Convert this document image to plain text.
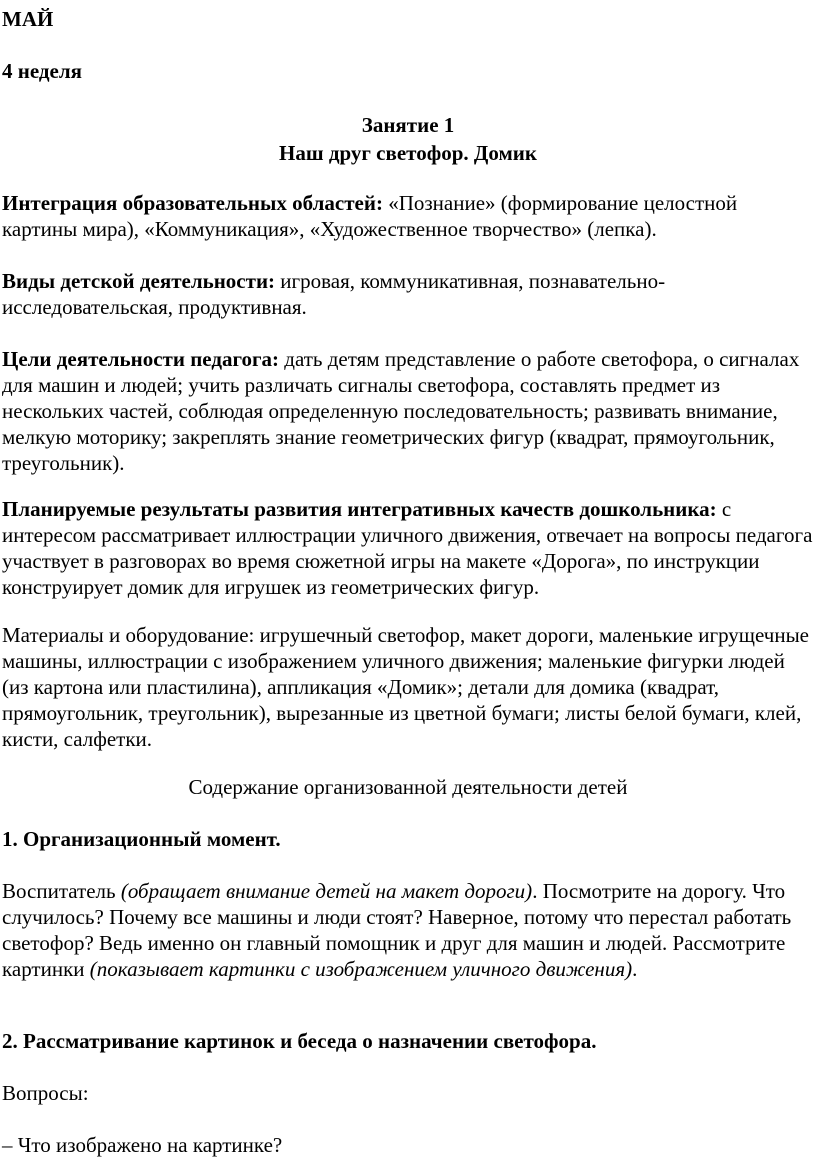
МАЙ

4 неделя

Занятие 1

Наш друг светофор. Домик

Интеграция образовательных областей: «Познание» (формирование целостной картины мира), «Коммуникация», «Художественное творчество» (лепка).

Виды детской деятельности: игровая, коммуникативная, познавательно-исследовательская, продуктивная.

Цели деятельности педагога: дать детям представление о работе светофора, о сигналах для машин и людей; учить различать сигналы светофора, составлять предмет из нескольких частей, соблюдая определенную последовательность; развивать внимание, мелкую моторику; закреплять знание геометрических фигур (квадрат, прямоугольник, треугольник).

Планируемые результаты развития интегративных качеств дошкольника: с интересом рассматривает иллюстрации уличного движения, отвечает на вопросы педагога участвует в разговорах во время сюжетной игры на макете «Дорога», по инструкции конструирует домик для игрушек из геометрических фигур.

Материалы и оборудование: игрушечный светофор, макет дороги, маленькие игрущечные машины, иллюстрации с изображением уличного движения; маленькие фигурки людей (из картона или пластилина), аппликация «Домик»; детали для домика (квадрат, прямоугольник, треугольник), вырезанные из цветной бумаги; листы белой бумаги, клей, кисти, салфетки.

Содержание организованной деятельности детей

1. Организационный момент.

Воспитатель (обращает внимание детей на макет дороги). Посмотрите на дорогу. Что случилось? Почему все машины и люди стоят? Наверное, потому что перестал работать светофор? Ведь именно он главный помощник и друг для машин и людей. Рассмотрите картинки (показывает картинки с изображением уличного движения).

2. Рассматривание картинок и беседа о назначении светофора.

Вопросы:

– Что изображено на картинке?
